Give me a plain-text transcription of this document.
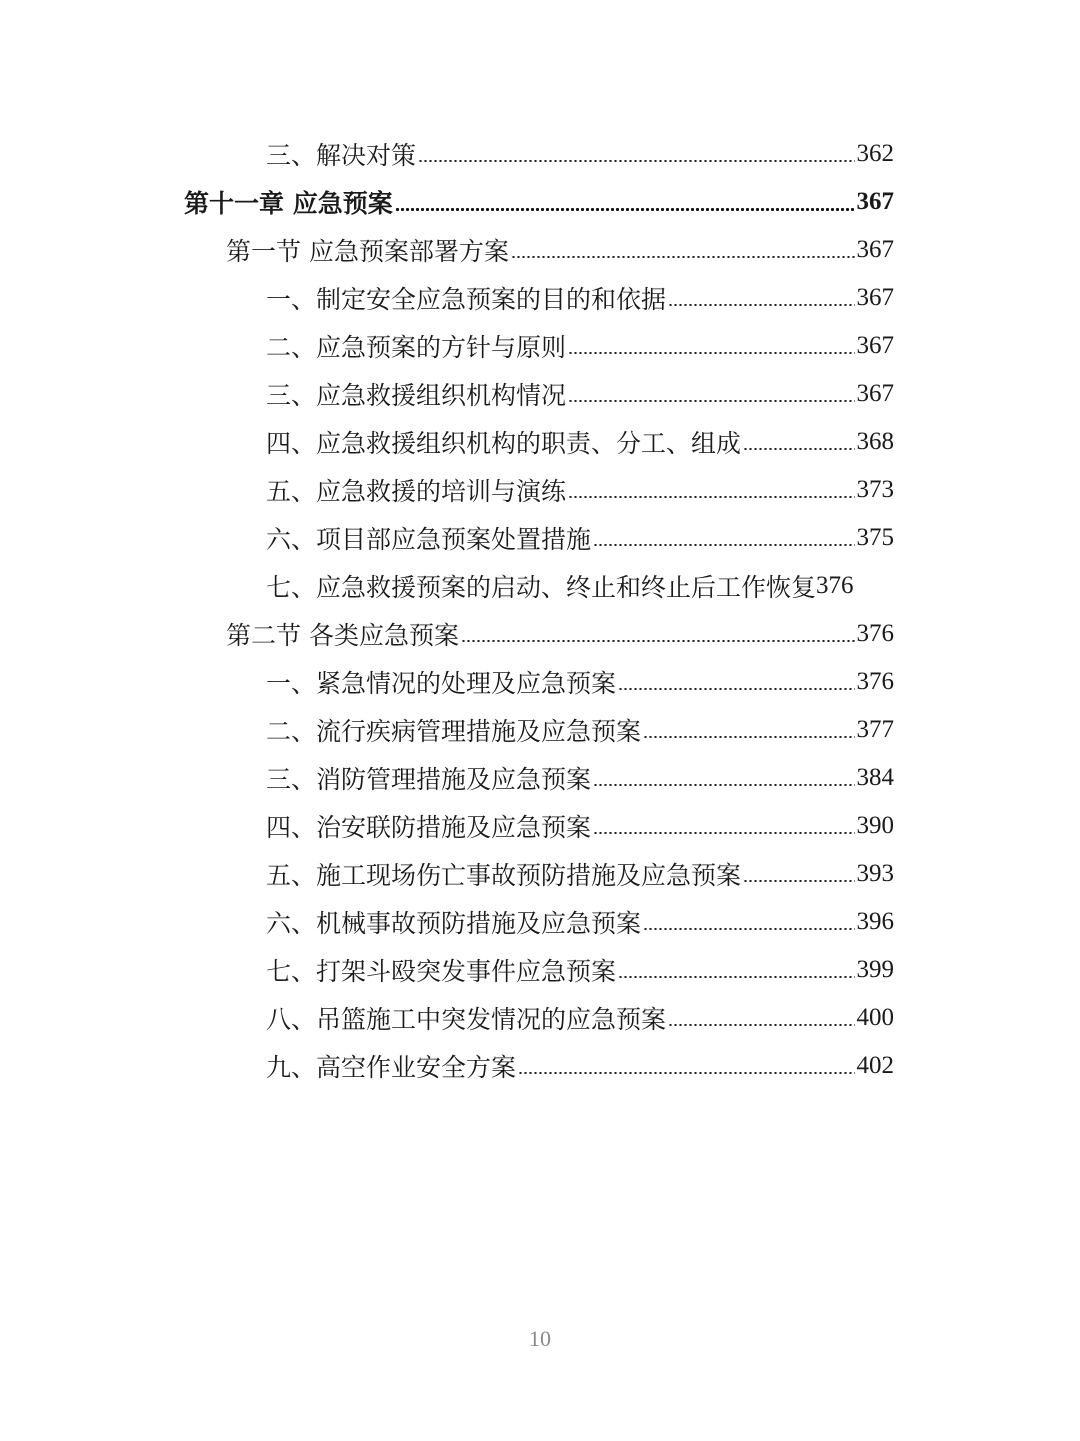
三、解决对策	362
第十一章 应急预案	367
第一节 应急预案部署方案	367
一、制定安全应急预案的目的和依据	367
二、应急预案的方针与原则	367
三、应急救援组织机构情况	367
四、应急救援组织机构的职责、分工、组成	368
五、应急救援的培训与演练	373
六、项目部应急预案处置措施	375
七、应急救援预案的启动、终止和终止后工作恢复 376
第二节 各类应急预案	376
一、紧急情况的处理及应急预案	376
二、流行疾病管理措施及应急预案	377
三、消防管理措施及应急预案	384
四、治安联防措施及应急预案	390
五、施工现场伤亡事故预防措施及应急预案	393
六、机械事故预防措施及应急预案	396
七、打架斗殴突发事件应急预案	399
八、吊篮施工中突发情况的应急预案	400
九、高空作业安全方案	402
10
